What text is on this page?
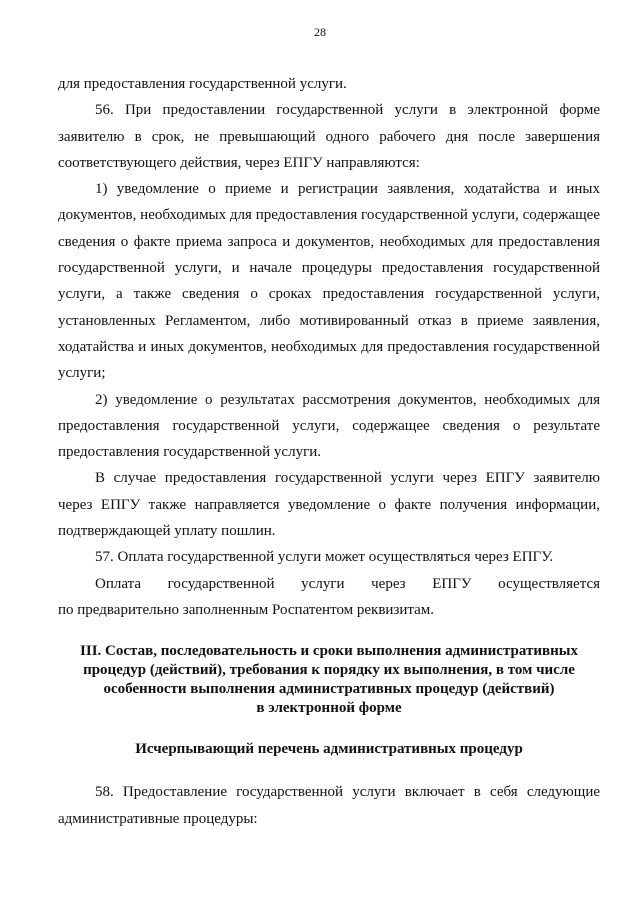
28

для предоставления государственной услуги.

56. При предоставлении государственной услуги в электронной форме заявителю в срок, не превышающий одного рабочего дня после завершения соответствующего действия, через ЕПГУ направляются:

1) уведомление о приеме и регистрации заявления, ходатайства и иных документов, необходимых для предоставления государственной услуги, содержащее сведения о факте приема запроса и документов, необходимых для предоставления государственной услуги, и начале процедуры предоставления государственной услуги, а также сведения о сроках предоставления государственной услуги, установленных Регламентом, либо мотивированный отказ в приеме заявления, ходатайства и иных документов, необходимых для предоставления государственной услуги;

2) уведомление о результатах рассмотрения документов, необходимых для предоставления государственной услуги, содержащее сведения о результате предоставления государственной услуги.

В случае предоставления государственной услуги через ЕПГУ заявителю через ЕПГУ также направляется уведомление о факте получения информации, подтверждающей уплату пошлин.

57. Оплата государственной услуги может осуществляться через ЕПГУ.

Оплата государственной услуги через ЕПГУ осуществляется

по предварительно заполненным Роспатентом реквизитам.

III. Состав, последовательность и сроки выполнения административных
процедур (действий), требования к порядку их выполнения, в том числе
особенности выполнения административных процедур (действий)
в электронной форме
Исчерпывающий перечень административных процедур

58. Предоставление государственной услуги включает в себя следующие административные процедуры:
